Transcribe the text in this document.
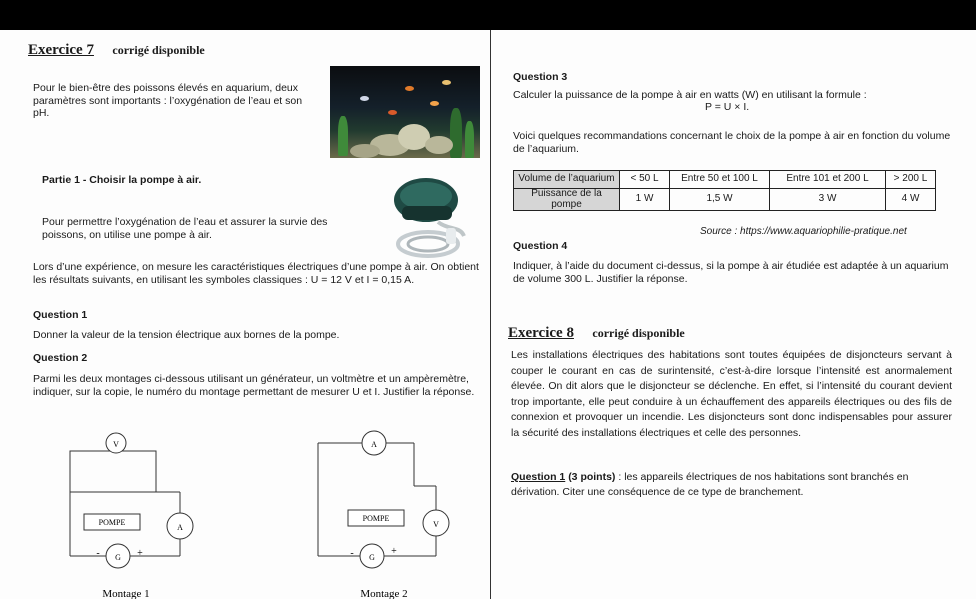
Exercice 7 corrigé disponible
Pour le bien-être des poissons élevés en aquarium, deux paramètres sont importants : l’oxygénation de l’eau et son pH.
Partie 1 - Choisir la pompe à air.
Pour permettre l’oxygénation de l’eau et assurer la survie des poissons, on utilise une pompe à air.
Lors d’une expérience, on mesure les caractéristiques électriques d’une pompe à air. On obtient les résultats suivants, en utilisant les symboles classiques : U = 12 V et I = 0,15 A.
Question 1
Donner la valeur de la tension électrique aux bornes de la pompe.
Question 2
Parmi les deux montages ci-dessous utilisant un générateur, un voltmètre et un ampèremètre, indiquer, sur la copie, le numéro du montage permettant de mesurer U et I. Justifier la réponse.
V
A
G
POMPE
-	+
Montage 1
A
V
G
POMPE
-	+
Montage 2
Question 3
Calculer la puissance de la pompe à air en watts (W) en utilisant la formule :
P = U × I.
Voici quelques recommandations concernant le choix de la pompe à air en fonction du volume de l’aquarium.
Volume de l’aquarium	< 50 L	Entre 50 et 100 L	Entre 101 et 200 L	> 200 L
Puissance de la pompe	1 W	1,5 W	3 W	4 W
Source : https://www.aquariophilie-pratique.net
Question 4
Indiquer, à l’aide du document ci-dessus, si la pompe à air étudiée est adaptée à un aquarium de volume 300 L. Justifier la réponse.
Exercice 8 corrigé disponible
Les installations électriques des habitations sont toutes équipées de disjoncteurs servant à couper le courant en cas de surintensité, c’est-à-dire lorsque l’intensité est anormalement élevée. On dit alors que le disjoncteur se déclenche. En effet, si l’intensité du courant devient trop importante, elle peut conduire à un échauffement des appareils électriques ou des fils de connexion et provoquer un incendie. Les disjoncteurs sont donc indispensables pour assurer la sécurité des installations électriques et celle des personnes.
Question 1 (3 points) : les appareils électriques de nos habitations sont branchés en dérivation. Citer une conséquence de ce type de branchement.
